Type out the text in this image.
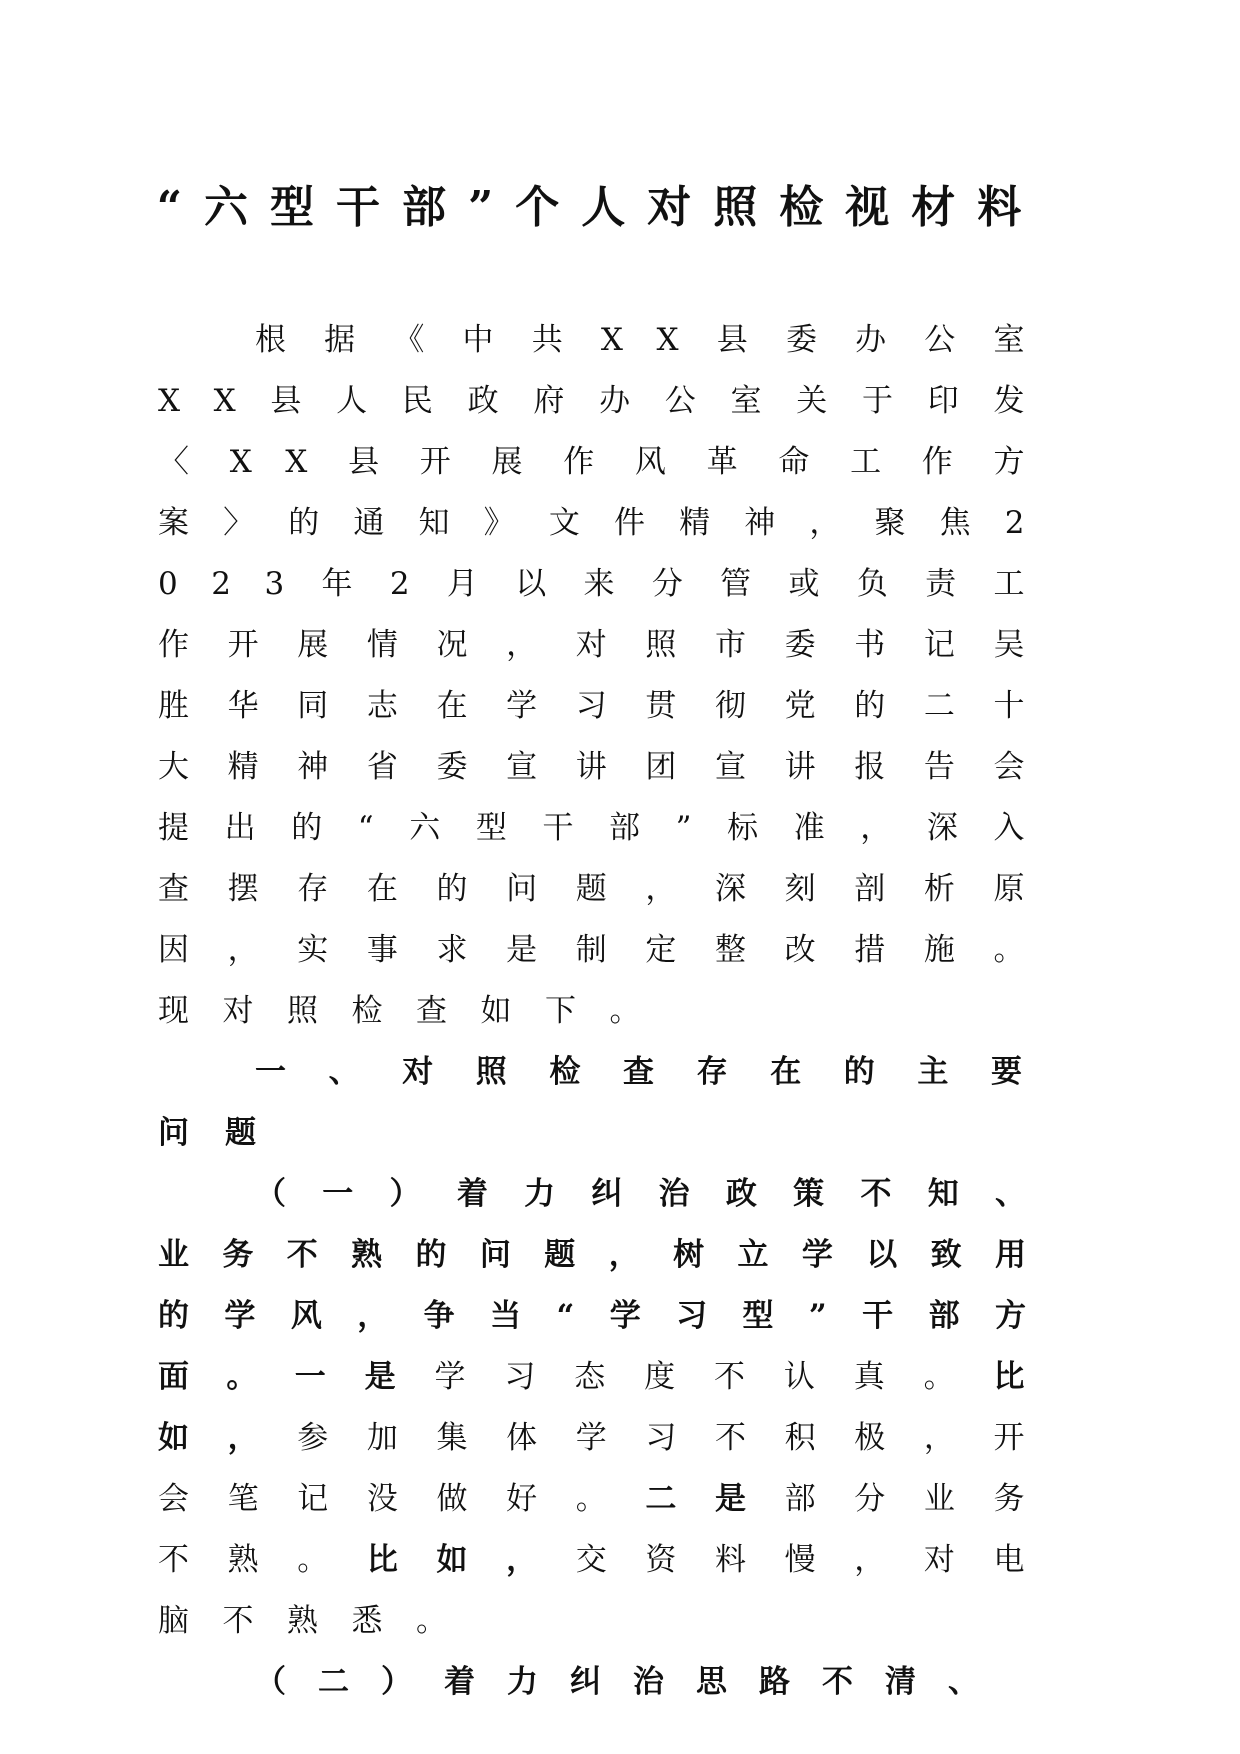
“六型干部”个人对照检视材料

根据《中共XX县委办公室 XX县人民政府办公室关于印发〈XX县开展作风革命工作方案〉的通知》文件精神，聚焦2023年2月以来分管或负责工作开展情况，对照市委书记吴胜华同志在学习贯彻党的二十大精神省委宣讲团宣讲报告会提出的“六型干部”标准，深入查摆存在的问题，深刻剖析原因，实事求是制定整改措施。现对照检查如下。

一、对照检查存在的主要问题

（一）着力纠治政策不知、业务不熟的问题，树立学以致用的学风，争当“学习型”干部方面。一是学习态度不认真。比如，参加集体学习不积极，开会笔记没做好。二是部分业务不熟。比如，交资料慢，对电脑不熟悉。

（二）着力纠治思路不清、
